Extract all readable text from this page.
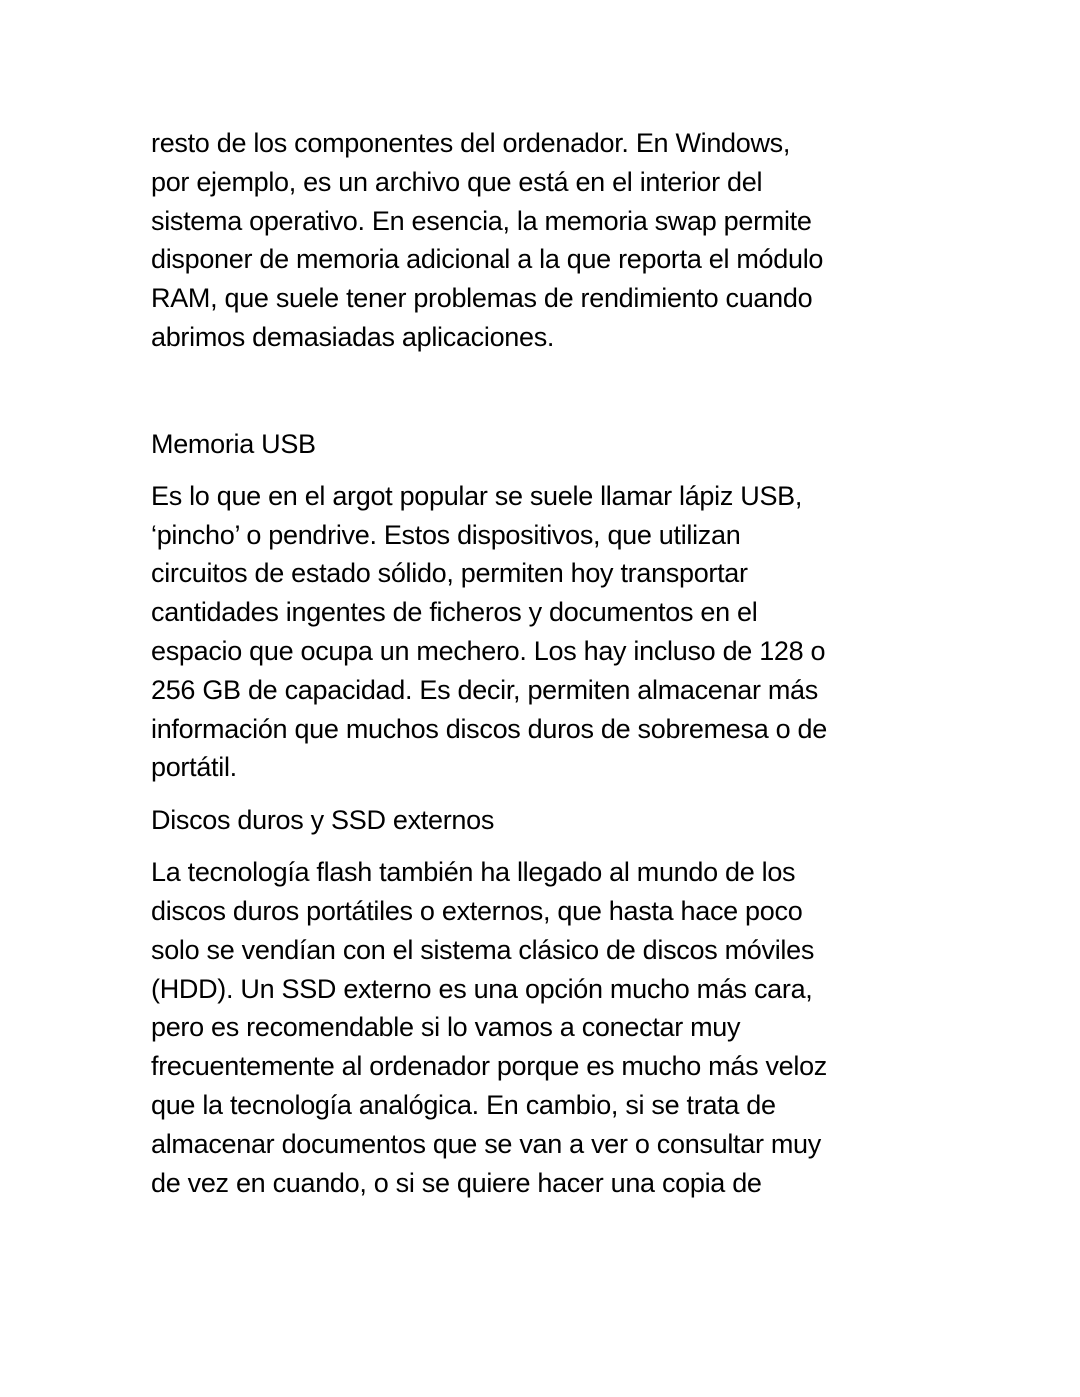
resto de los componentes del ordenador. En Windows,
por ejemplo, es un archivo que está en el interior del
sistema operativo. En esencia, la memoria swap permite
disponer de memoria adicional a la que reporta el módulo
RAM, que suele tener problemas de rendimiento cuando
abrimos demasiadas aplicaciones.

Memoria USB

Es lo que en el argot popular se suele llamar lápiz USB,
‘pincho’ o pendrive. Estos dispositivos, que utilizan
circuitos de estado sólido, permiten hoy transportar
cantidades ingentes de ficheros y documentos en el
espacio que ocupa un mechero. Los hay incluso de 128 o
256 GB de capacidad. Es decir, permiten almacenar más
información que muchos discos duros de sobremesa o de
portátil.

Discos duros y SSD externos

La tecnología flash también ha llegado al mundo de los
discos duros portátiles o externos, que hasta hace poco
solo se vendían con el sistema clásico de discos móviles
(HDD). Un SSD externo es una opción mucho más cara,
pero es recomendable si lo vamos a conectar muy
frecuentemente al ordenador porque es mucho más veloz
que la tecnología analógica. En cambio, si se trata de
almacenar documentos que se van a ver o consultar muy
de vez en cuando, o si se quiere hacer una copia de
